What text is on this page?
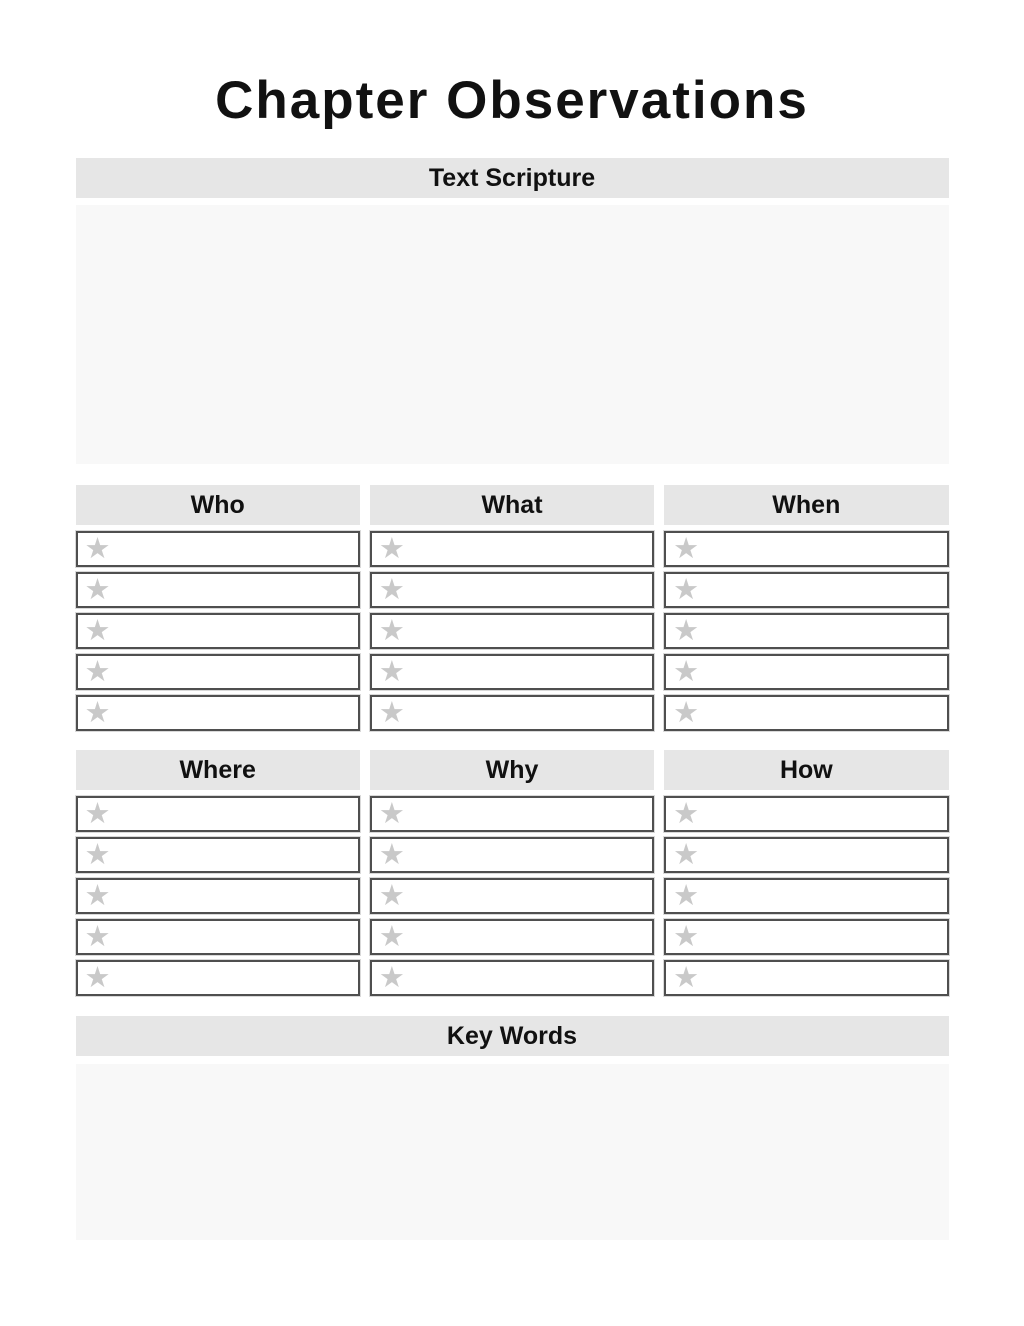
Chapter Observations
Text Scripture
Who
★
★
★
★
★
What
★
★
★
★
★
When
★
★
★
★
★
Where
★
★
★
★
★
Why
★
★
★
★
★
How
★
★
★
★
★
Key Words
